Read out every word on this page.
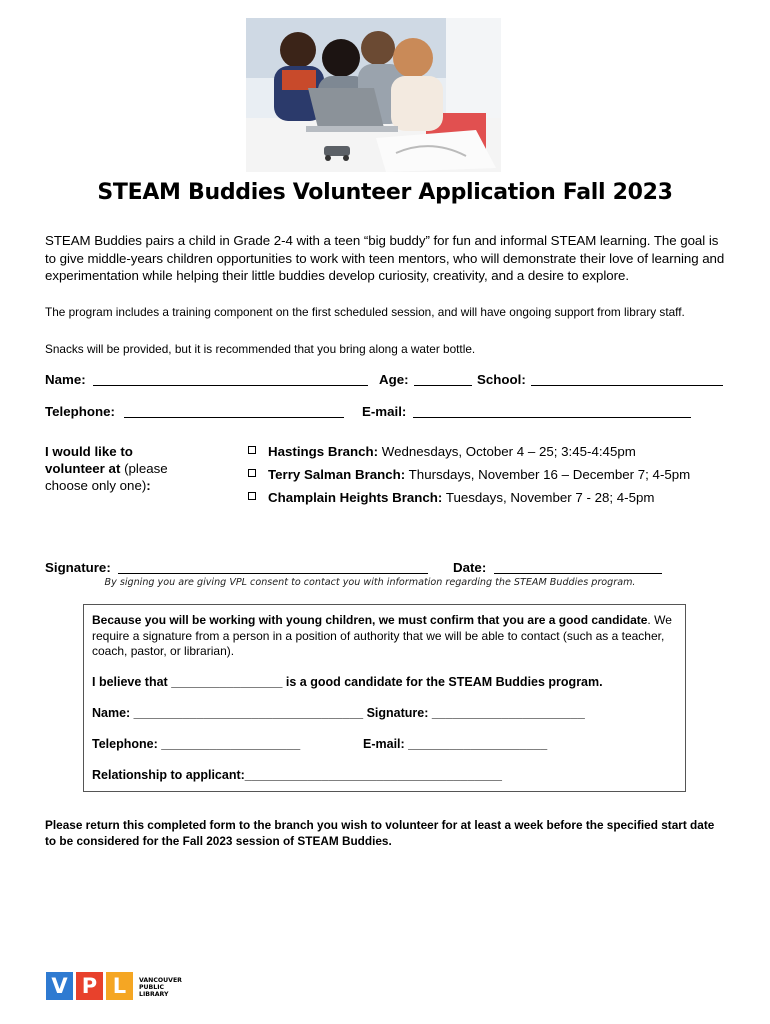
STEAM Buddies Volunteer Application Fall 2023
STEAM Buddies pairs a child in Grade 2-4 with a teen “big buddy” for fun and informal STEAM learning. The goal is to give middle-years children opportunities to work with teen mentors, who will demonstrate their love of learning and experimentation while helping their little buddies develop curiosity, creativity, and a desire to explore.
The program includes a training component on the first scheduled session, and will have ongoing support from library staff.
Snacks will be provided, but it is recommended that you bring along a water bottle.
Name:	Age:	School:
Telephone:	E-mail:
I would like to volunteer at (please choose only one):
Hastings Branch: Wednesdays, October 4 – 25; 3:45-4:45pm
Terry Salman Branch: Thursdays, November 16 – December 7; 4-5pm
Champlain Heights Branch: Tuesdays, November 7 - 28; 4-5pm
Signature:	Date:
By signing you are giving VPL consent to contact you with information regarding the STEAM Buddies program.
Because you will be working with young children, we must confirm that you are a good candidate. We require a signature from a person in a position of authority that we will be able to contact (such as a teacher, coach, pastor, or librarian).
I believe that ________________ is a good candidate for the STEAM Buddies program.
Name: _________________________________ Signature: ______________________
Telephone: ____________________	E-mail: ____________________
Relationship to applicant:_____________________________________
Please return this completed form to the branch you wish to volunteer for at least a week before the specified start date to be considered for the Fall 2023 session of STEAM Buddies.
V P L	VANCOUVER
PUBLIC
LIBRARY
